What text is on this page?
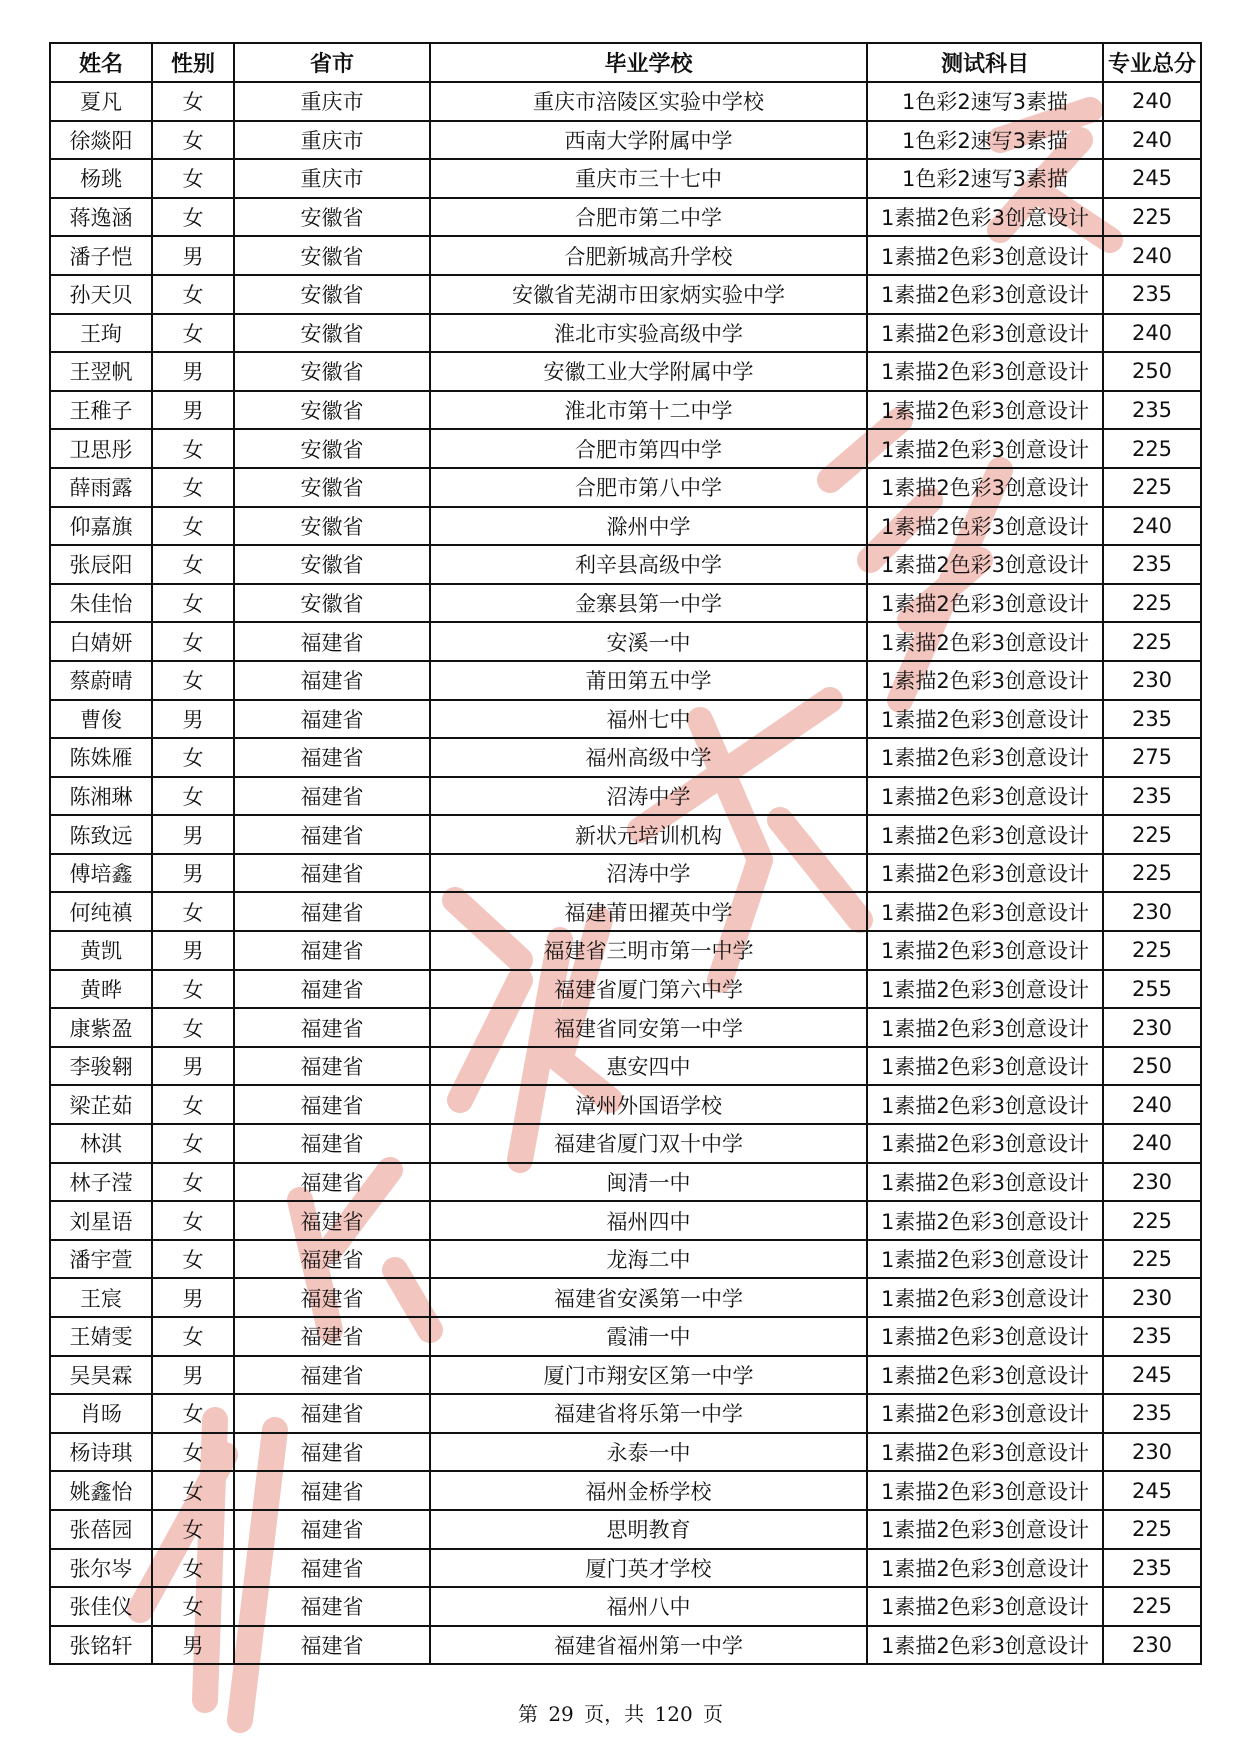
姓名	性别	省市	毕业学校	测试科目	专业总分
夏凡	女	重庆市	重庆市涪陵区实验中学校	1色彩2速写3素描	240
徐燚阳	女	重庆市	西南大学附属中学	1色彩2速写3素描	240
杨珧	女	重庆市	重庆市三十七中	1色彩2速写3素描	245
蒋逸涵	女	安徽省	合肥市第二中学	1素描2色彩3创意设计	225
潘子恺	男	安徽省	合肥新城高升学校	1素描2色彩3创意设计	240
孙天贝	女	安徽省	安徽省芜湖市田家炳实验中学	1素描2色彩3创意设计	235
王珣	女	安徽省	淮北市实验高级中学	1素描2色彩3创意设计	240
王翌帆	男	安徽省	安徽工业大学附属中学	1素描2色彩3创意设计	250
王稚子	男	安徽省	淮北市第十二中学	1素描2色彩3创意设计	235
卫思彤	女	安徽省	合肥市第四中学	1素描2色彩3创意设计	225
薛雨露	女	安徽省	合肥市第八中学	1素描2色彩3创意设计	225
仰嘉旗	女	安徽省	滁州中学	1素描2色彩3创意设计	240
张辰阳	女	安徽省	利辛县高级中学	1素描2色彩3创意设计	235
朱佳怡	女	安徽省	金寨县第一中学	1素描2色彩3创意设计	225
白婧妍	女	福建省	安溪一中	1素描2色彩3创意设计	225
蔡蔚晴	女	福建省	莆田第五中学	1素描2色彩3创意设计	230
曹俊	男	福建省	福州七中	1素描2色彩3创意设计	235
陈姝雁	女	福建省	福州高级中学	1素描2色彩3创意设计	275
陈湘琳	女	福建省	沼涛中学	1素描2色彩3创意设计	235
陈致远	男	福建省	新状元培训机构	1素描2色彩3创意设计	225
傅培鑫	男	福建省	沼涛中学	1素描2色彩3创意设计	225
何纯禛	女	福建省	福建莆田擢英中学	1素描2色彩3创意设计	230
黄凯	男	福建省	福建省三明市第一中学	1素描2色彩3创意设计	225
黄晔	女	福建省	福建省厦门第六中学	1素描2色彩3创意设计	255
康紫盈	女	福建省	福建省同安第一中学	1素描2色彩3创意设计	230
李骏翱	男	福建省	惠安四中	1素描2色彩3创意设计	250
梁芷茹	女	福建省	漳州外国语学校	1素描2色彩3创意设计	240
林淇	女	福建省	福建省厦门双十中学	1素描2色彩3创意设计	240
林子滢	女	福建省	闽清一中	1素描2色彩3创意设计	230
刘星语	女	福建省	福州四中	1素描2色彩3创意设计	225
潘宇萱	女	福建省	龙海二中	1素描2色彩3创意设计	225
王宸	男	福建省	福建省安溪第一中学	1素描2色彩3创意设计	230
王婧雯	女	福建省	霞浦一中	1素描2色彩3创意设计	235
吴昊霖	男	福建省	厦门市翔安区第一中学	1素描2色彩3创意设计	245
肖旸	女	福建省	福建省将乐第一中学	1素描2色彩3创意设计	235
杨诗琪	女	福建省	永泰一中	1素描2色彩3创意设计	230
姚鑫怡	女	福建省	福州金桥学校	1素描2色彩3创意设计	245
张蓓园	女	福建省	思明教育	1素描2色彩3创意设计	225
张尔岑	女	福建省	厦门英才学校	1素描2色彩3创意设计	235
张佳仪	女	福建省	福州八中	1素描2色彩3创意设计	225
张铭轩	男	福建省	福建省福州第一中学	1素描2色彩3创意设计	230
第 29 页，共 120 页
